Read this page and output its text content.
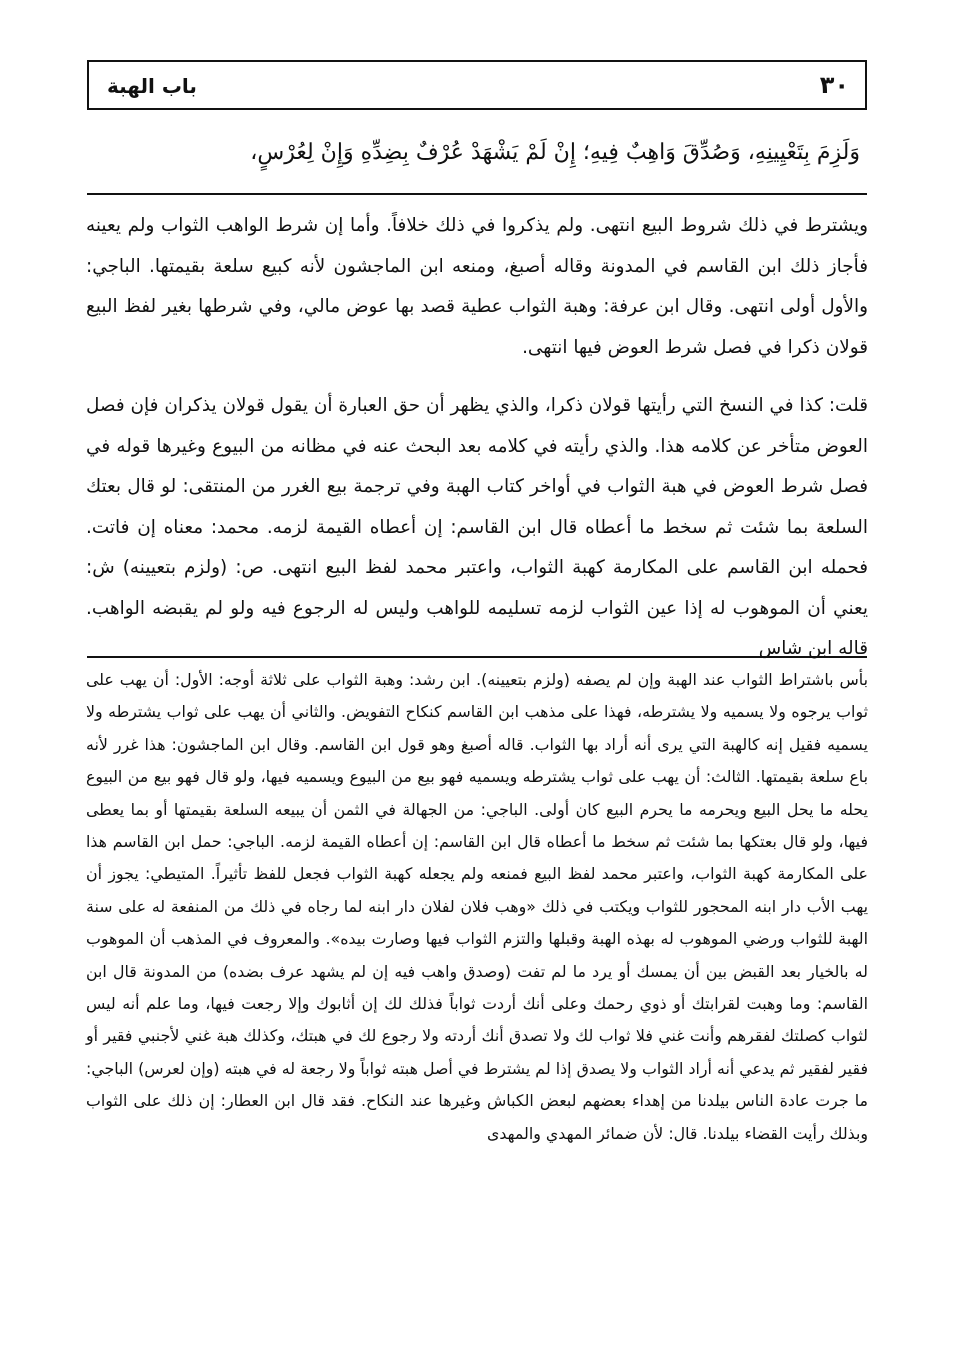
٣٠
باب الهبة
وَلَزِمَ بِتَعْيِينِهِ، وَصُدِّقَ وَاهِبٌ فِيهِ؛ إِنْ لَمْ يَشْهَدْ عُرْفٌ بِضِدِّهِ وَإِنْ لِعُرْسٍ،
ويشترط في ذلك شروط البيع انتهى. ولم يذكروا في ذلك خلافاً. وأما إن شرط الواهب الثواب ولم يعينه فأجاز ذلك ابن القاسم في المدونة وقاله أصبغ، ومنعه ابن الماجشون لأنه كبيع سلعة بقيمتها. الباجي: والأول أولى انتهى. وقال ابن عرفة: وهبة الثواب عطية قصد بها عوض مالي، وفي شرطها بغير لفظ البيع قولان ذكرا في فصل شرط العوض فيها انتهى.
قلت: كذا في النسخ التي رأيتها قولان ذكرا، والذي يظهر أن حق العبارة أن يقول قولان يذكران فإن فصل العوض متأخر عن كلامه هذا. والذي رأيته في كلامه بعد البحث عنه في مظانه من البيوع وغيرها قوله في فصل شرط العوض في هبة الثواب في أواخر كتاب الهبة وفي ترجمة بيع الغرر من المنتقى: لو قال بعتك السلعة بما شئت ثم سخط ما أعطاه قال ابن القاسم: إن أعطاه القيمة لزمه. محمد: معناه إن فاتت. فحمله ابن القاسم على المكارمة كهبة الثواب، واعتبر محمد لفظ البيع انتهى. ص: (ولزم بتعيينه) ش: يعني أن الموهوب له إذا عين الثواب لزمه تسليمه للواهب وليس له الرجوع فيه ولو لم يقبضه الواهب. قاله ابن شاس
بأس باشتراط الثواب عند الهبة وإن لم يصفه (ولزم بتعيينه). ابن رشد: وهبة الثواب على ثلاثة أوجه: الأول: أن يهب على ثواب يرجوه ولا يسميه ولا يشترطه، فهذا على مذهب ابن القاسم كنكاح التفويض. والثاني أن يهب على ثواب يشترطه ولا يسميه فقيل إنه كالهبة التي يرى أنه أراد بها الثواب. قاله أصبغ وهو قول ابن القاسم. وقال ابن الماجشون: هذا غرر لأنه باع سلعة بقيمتها. الثالث: أن يهب على ثواب يشترطه ويسميه فهو بيع من البيوع ويسميه فيها، ولو قال فهو بيع من البيوع يحله ما يحل البيع ويحرمه ما يحرم البيع كان أولى. الباجي: من الجهالة في الثمن أن يبيعه السلعة بقيمتها أو بما يعطى فيها، ولو قال بعتكها بما شئت ثم سخط ما أعطاه قال ابن القاسم: إن أعطاه القيمة لزمه. الباجي: حمل ابن القاسم هذا على المكارمة كهبة الثواب، واعتبر محمد لفظ البيع فمنعه ولم يجعله كهبة الثواب فجعل للفظ تأثيراً. المتيطي: يجوز أن يهب الأب دار ابنه المحجور للثواب ويكتب في ذلك «وهب فلان لفلان دار ابنه لما رجاه في ذلك من المنفعة له على سنة الهبة للثواب ورضي الموهوب له بهذه الهبة وقبلها والتزم الثواب فيها وصارت بيده». والمعروف في المذهب أن الموهوب له بالخيار بعد القبض بين أن يمسك أو يرد ما لم تفت (وصدق واهب فيه إن لم يشهد عرف بضده) من المدونة قال ابن القاسم: وما وهبت لقرابتك أو ذوي رحمك وعلى أنك أردت ثواباً فذلك لك إن أثابوك وإلا رجعت فيها، وما علم أنه ليس لثواب كصلتك لفقرهم وأنت غني فلا ثواب لك ولا تصدق أنك أردته ولا رجوع لك في هبتك، وكذلك هبة غني لأجنبي فقير أو فقير لفقير ثم يدعي أنه أراد الثواب ولا يصدق إذا لم يشترط في أصل هبته ثواباً ولا رجعة له في هبته (وإن لعرس) الباجي: ما جرت عادة الناس بيلدنا من إهداء بعضهم لبعض الكباش وغيرها عند النكاح. فقد قال ابن العطار: إن ذلك على الثواب وبذلك رأيت القضاء بيلدنا. قال: لأن ضمائر المهدي والمهدى
